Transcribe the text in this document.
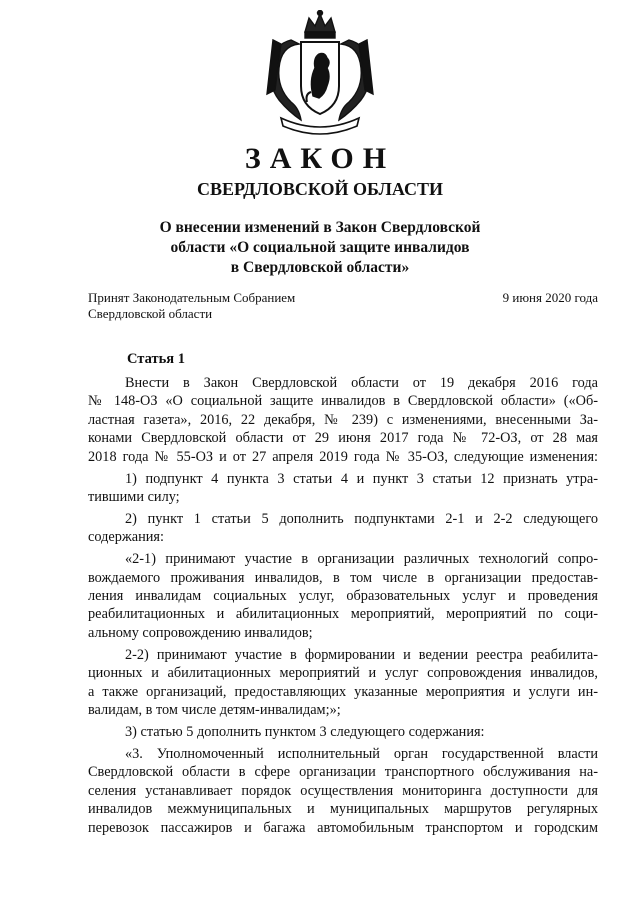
ЗАКОН
СВЕРДЛОВСКОЙ ОБЛАСТИ
О внесении изменений в Закон Свердловской
области «О социальной защите инвалидов
в Свердловской области»
Принят Законодательным Собранием
Свердловской области
9 июня 2020 года
Статья 1
Внести в Закон Свердловской области от 19 декабря 2016 года
№ 148-ОЗ «О социальной защите инвалидов в Свердловской области» («Об-
ластная газета», 2016, 22 декабря, № 239) с изменениями, внесенными За-
конами Свердловской области от 29 июня 2017 года № 72-ОЗ, от 28 мая
2018 года № 55-ОЗ и от 27 апреля 2019 года № 35-ОЗ, следующие изменения:
1) подпункт 4 пункта 3 статьи 4 и пункт 3 статьи 12 признать утра-
тившими силу;
2) пункт 1 статьи 5 дополнить подпунктами 2-1 и 2-2 следующего
содержания:
«2-1) принимают участие в организации различных технологий сопро-
вождаемого проживания инвалидов, в том числе в организации предостав-
ления инвалидам социальных услуг, образовательных услуг и проведения
реабилитационных и абилитационных мероприятий, мероприятий по соци-
альному сопровождению инвалидов;
2-2) принимают участие в формировании и ведении реестра реабилита-
ционных и абилитационных мероприятий и услуг сопровождения инвалидов,
а также организаций, предоставляющих указанные мероприятия и услуги ин-
валидам, в том числе детям-инвалидам;»;
3) статью 5 дополнить пунктом 3 следующего содержания:
«3. Уполномоченный исполнительный орган государственной власти
Свердловской области в сфере организации транспортного обслуживания на-
селения устанавливает порядок осуществления мониторинга доступности для
инвалидов межмуниципальных и муниципальных маршрутов регулярных
перевозок пассажиров и багажа автомобильным транспортом и городским
